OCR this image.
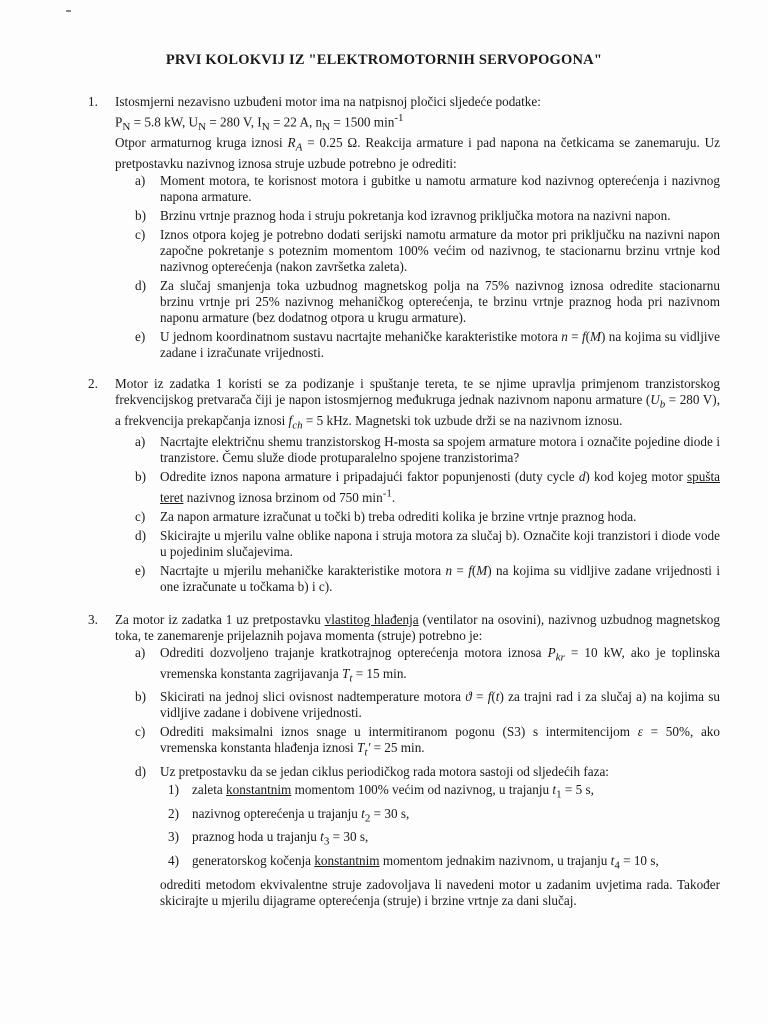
PRVI KOLOKVIJ IZ "ELEKTROMOTORNIH SERVOPOGONA"
1. Istosmjerni nezavisno uzbuđeni motor ima na natpisnoj pločici sljedeće podatke:

$P_N = 5.8$ kW, $U_N = 280$ V, $I_N = 22$ A, $n_N = 1500$ $\min^{-1}$

Otpor armaturnog kruga iznosi $R_A = 0.25$ Ω. Reakcija armature i pad napona na četkicama se zanemaruju. Uz pretpostavku nazivnog iznosa struje uzbude potrebno je odrediti:

a) Moment motora, te korisnost motora i gubitke u namotu armature kod nazivnog opterećenja i nazivnog napona armature.
b) Brzinu vrtnje praznog hoda i struju pokretanja kod izravnog priključka motora na nazivni napon.
c) Iznos otpora kojeg je potrebno dodati serijski namotu armature da motor pri priključku na nazivni napon započne pokretanje s poteznim momentom 100% većim od nazivnog, te stacionarnu brzinu vrtnje kod nazivnog opterećenja (nakon završetka zaleta).
d) Za slučaj smanjenja toka uzbudnog magnetskog polja na 75% nazivnog iznosa odredite stacionarnu brzinu vrtnje pri 25% nazivnog mehaničkog opterećenja, te brzinu vrtnje praznog hoda pri nazivnom naponu armature (bez dodatnog otpora u krugu armature).
e) U jednom koordinatnom sustavu nacrtajte mehaničke karakteristike motora n = f(M) na kojima su vidljive zadane i izračunate vrijednosti.
2. Motor iz zadatka 1 koristi se za podizanje i spuštanje tereta, te se njime upravlja primjenom tranzistorskog frekvencijskog pretvarača čiji je napon istosmjernog međukruga jednak nazivnom naponu armature ($U_b = 280$ V), a frekvencija prekapčanja iznosi $f_{ch} = 5$ kHz. Magnetski tok uzbude drži se na nazivnom iznosu.

a) Nacrtajte električnu shemu tranzistorskog H-mosta sa spojem armature motora i označite pojedine diode i tranzistore. Čemu služe diode protuparalelno spojene tranzistorima?
b) Odredite iznos napona armature i pripadajući faktor popunjenosti (duty cycle d) kod kojeg motor spušta teret nazivnog iznosa brzinom od 750 $\min^{-1}$.
c) Za napon armature izračunat u točki b) treba odrediti kolika je brzine vrtnje praznog hoda.
d) Skicirajte u mjerilu valne oblike napona i struja motora za slučaj b). Označite koji tranzistori i diode vode u pojedinim slučajevima.
e) Nacrtajte u mjerilu mehaničke karakteristike motora n = f(M) na kojima su vidljive zadane vrijednosti i one izračunate u točkama b) i c).
3. Za motor iz zadatka 1 uz pretpostavku vlastitog hlađenja (ventilator na osovini), nazivnog uzbudnog magnetskog toka, te zanemarenje prijelaznih pojava momenta (struje) potrebno je:

a) Odrediti dozvoljeno trajanje kratkotrajnog opterećenja motora iznosa $P_{kr} = 10$ kW, ako je toplinska vremenska konstanta zagrijavanja $T_t = 15$ min.
b) Skicirati na jednoj slici ovisnost nadtemperature motora ϑ = f(t) za trajni rad i za slučaj a) na kojima su vidljive zadane i dobivene vrijednosti.
c) Odrediti maksimalni iznos snage u intermitiranom pogonu (S3) s intermitencijom ε = 50%, ako vremenska konstanta hlađenja iznosi $T_t' = 25$ min.
d) Uz pretpostavku da se jedan ciklus periodičkog rada motora sastoji od sljedećih faza:
1) zaleta konstantnim momentom 100% većim od nazivnog, u trajanju $t_1 = 5$ s,
2) nazivnog opterećenja u trajanju $t_2 = 30$ s,
3) praznog hoda u trajanju $t_3 = 30$ s,
4) generatorskog kočenja konstantnim momentom jednakim nazivnom, u trajanju $t_4 = 10$ s,
odrediti metodom ekvivalentne struje zadovoljava li navedeni motor u zadanim uvjetima rada. Također skicirajte u mjerilu dijagrame opterećenja (struje) i brzine vrtnje za dani slučaj.
